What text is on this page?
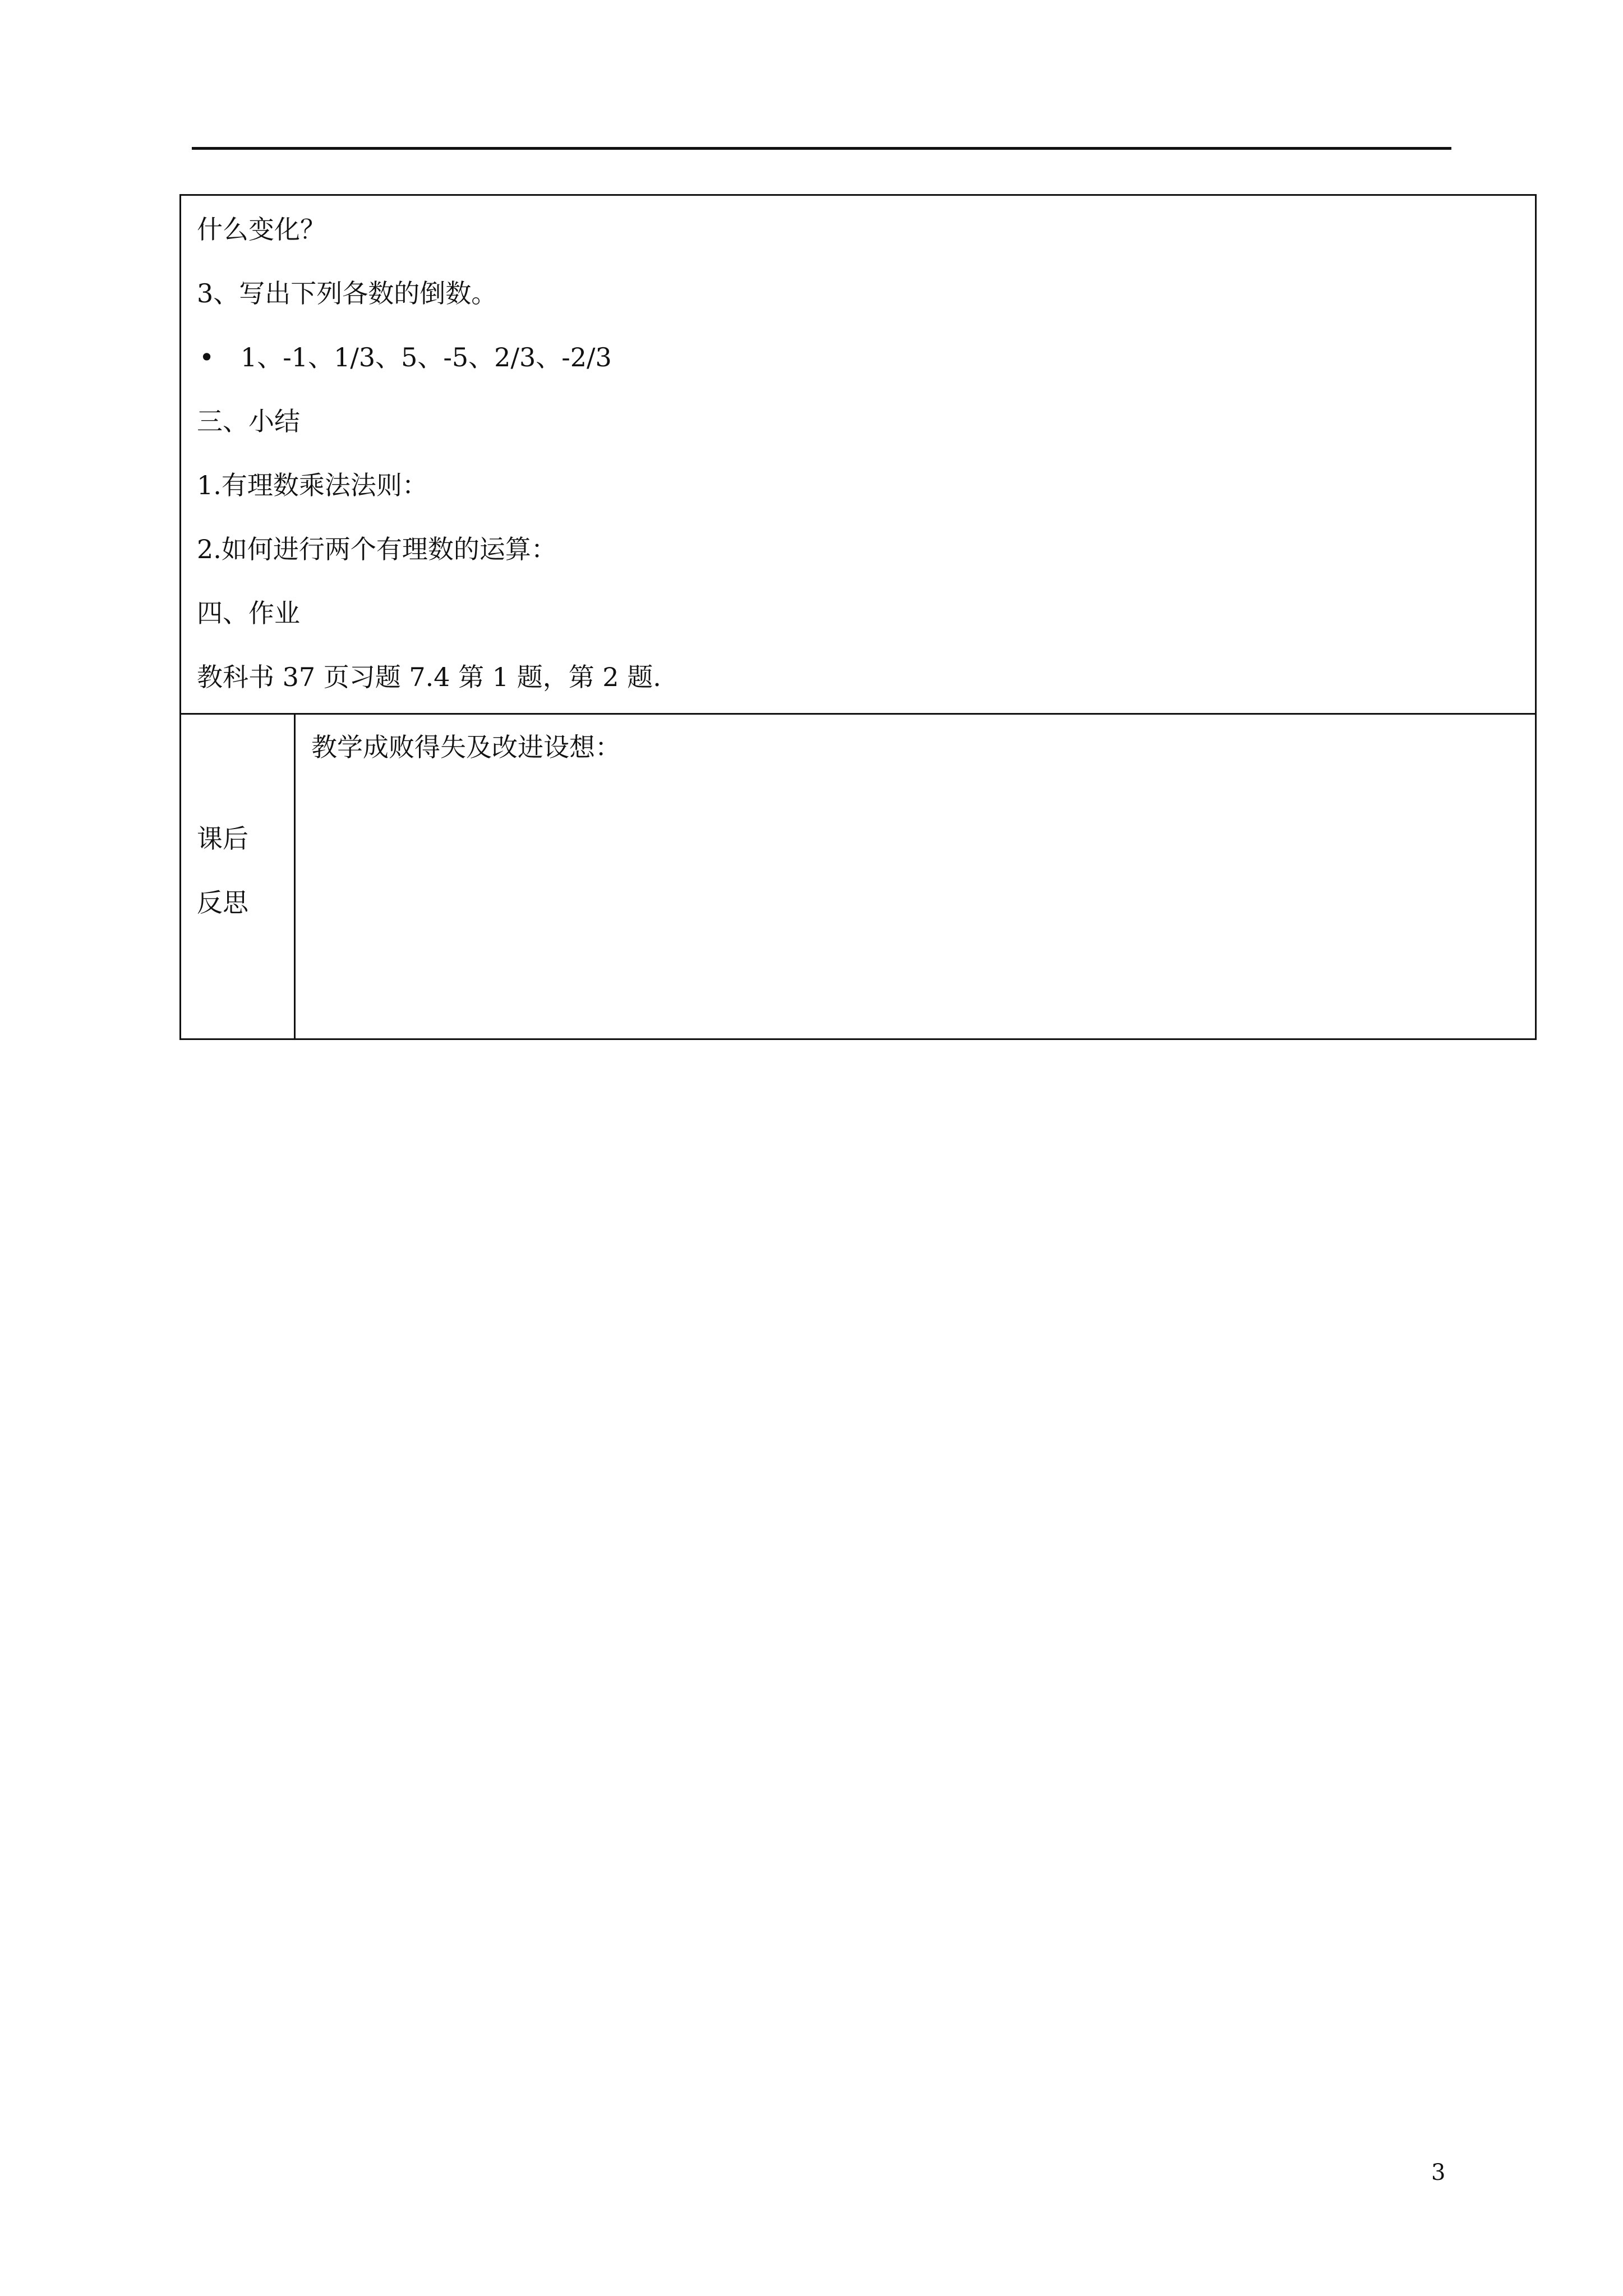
什么变化？
3、写出下列各数的倒数。
• 1、-1、1/3、5、-5、2/3、-2/3
三、小结
1.有理数乘法法则：
2.如何进行两个有理数的运算：
四、作业
教科书 37 页习题 7.4 第 1 题，第 2 题.
课后
反思
教学成败得失及改进设想：
3
